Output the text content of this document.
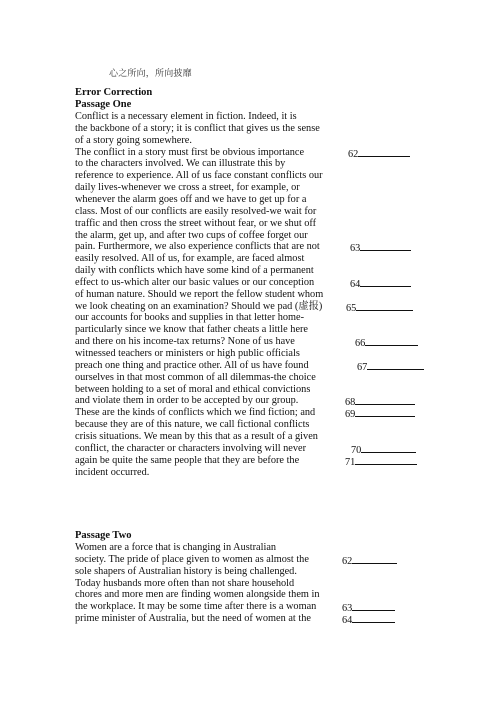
心之所向，所向披靡
Error Correction
Passage One
Conflict is a necessary element in fiction. Indeed, it is
the backbone of a story; it is conflict that gives us the sense
of a story going somewhere.
The conflict in a story must first be obvious importance
to the characters involved. We can illustrate this by
reference to experience. All of us face constant conflicts our
daily lives-whenever we cross a street, for example, or
whenever the alarm goes off and we have to get up for a
class. Most of our conflicts are easily resolved-we wait for
traffic and then cross the street without fear, or we shut off
the alarm, get up, and after two cups of coffee forget our
pain. Furthermore, we also experience conflicts that are not
easily resolved. All of us, for example, are faced almost
daily with conflicts which have some kind of a permanent
effect to us-which alter our basic values or our conception
of human nature. Should we report the fellow student whom
we look cheating on an examination? Should we pad (虚报)
our accounts for books and supplies in that letter home-
particularly since we know that father cheats a little here
and there on his income-tax returns? None of us have
witnessed teachers or ministers or high public officials
preach one thing and practice other. All of us have found
ourselves in that most common of all dilemmas-the choice
between holding to a set of moral and ethical convictions
and violate them in order to be accepted by our group.
These are the kinds of conflicts which we find fiction; and
because they are of this nature, we call fictional conflicts
crisis situations. We mean by this that as a result of a given
conflict, the character or characters involving will never
again be quite the same people that they are before the
incident occurred.
62
63
64
65
66
67
68
69
70
71
Passage Two
Women are a force that is changing in Australian
society. The pride of place given to women as almost the
sole shapers of Australian history is being challenged.
Today husbands more often than not share household
chores and more men are finding women alongside them in
the workplace. It may be some time after there is a woman
prime minister of Australia, but the need of women at the
62
63
64
